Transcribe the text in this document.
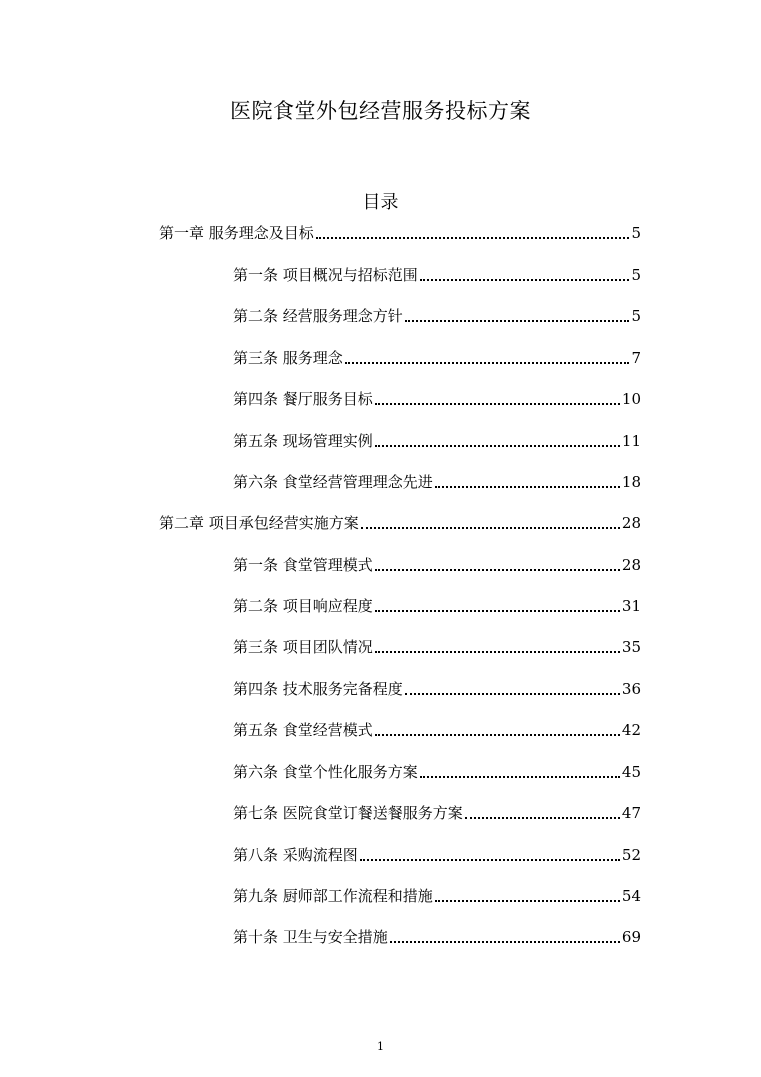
医院食堂外包经营服务投标方案
目录
第一章 服务理念及目标	5
第一条 项目概况与招标范围	5
第二条 经营服务理念方针	5
第三条 服务理念	7
第四条 餐厅服务目标	10
第五条 现场管理实例	11
第六条 食堂经营管理理念先进	18
第二章 项目承包经营实施方案	28
第一条 食堂管理模式	28
第二条 项目响应程度	31
第三条 项目团队情况	35
第四条 技术服务完备程度	36
第五条 食堂经营模式	42
第六条 食堂个性化服务方案	45
第七条 医院食堂订餐送餐服务方案	47
第八条 采购流程图	52
第九条 厨师部工作流程和措施	54
第十条 卫生与安全措施	69
1
